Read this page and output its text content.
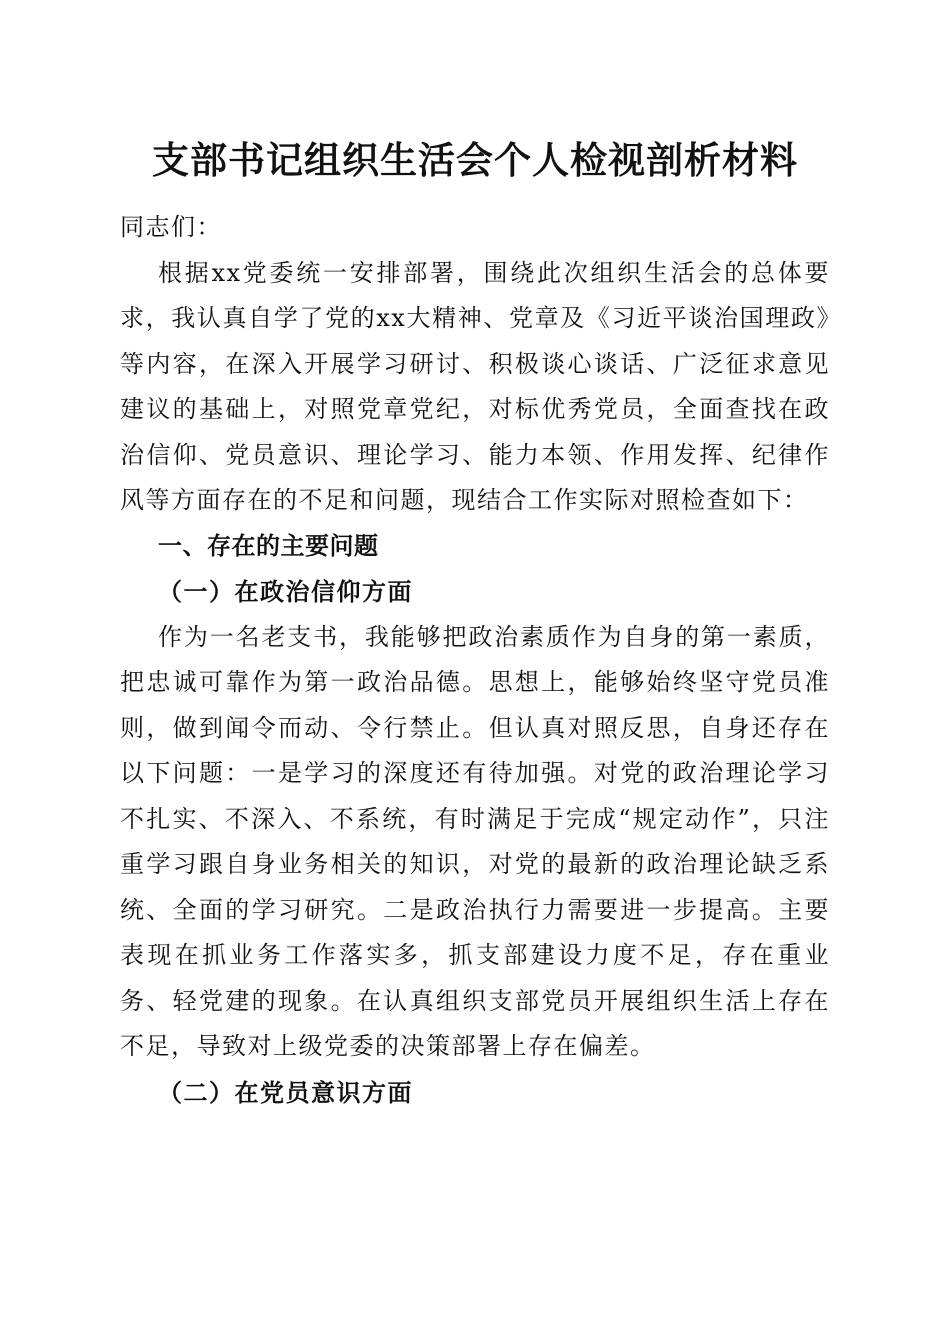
支部书记组织生活会个人检视剖析材料

同志们：

根据xx党委统一安排部署，围绕此次组织生活会的总体要求，我认真自学了党的xx大精神、党章及《习近平谈治国理政》等内容，在深入开展学习研讨、积极谈心谈话、广泛征求意见建议的基础上，对照党章党纪，对标优秀党员，全面查找在政治信仰、党员意识、理论学习、能力本领、作用发挥、纪律作风等方面存在的不足和问题，现结合工作实际对照检查如下：

一、存在的主要问题

（一）在政治信仰方面

作为一名老支书，我能够把政治素质作为自身的第一素质，把忠诚可靠作为第一政治品德。思想上，能够始终坚守党员准则，做到闻令而动、令行禁止。但认真对照反思，自身还存在以下问题：一是学习的深度还有待加强。对党的政治理论学习不扎实、不深入、不系统，有时满足于完成“规定动作”，只注重学习跟自身业务相关的知识，对党的最新的政治理论缺乏系统、全面的学习研究。二是政治执行力需要进一步提高。主要表现在抓业务工作落实多，抓支部建设力度不足，存在重业务、轻党建的现象。在认真组织支部党员开展组织生活上存在不足，导致对上级党委的决策部署上存在偏差。

（二）在党员意识方面
